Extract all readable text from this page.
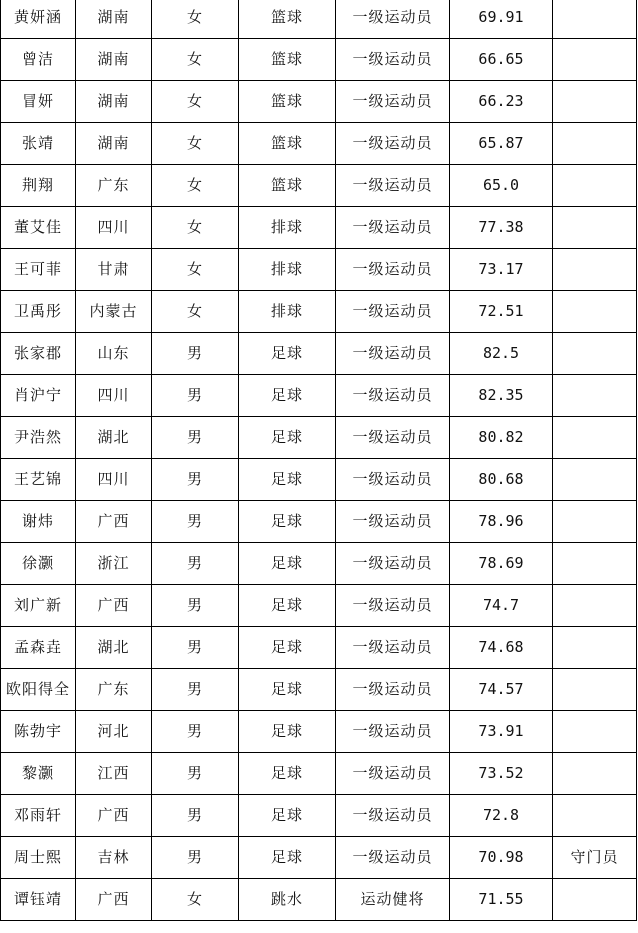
黄妍涵	湖南	女	篮球	一级运动员	69.91	
曾洁	湖南	女	篮球	一级运动员	66.65	
冒妍	湖南	女	篮球	一级运动员	66.23	
张靖	湖南	女	篮球	一级运动员	65.87	
荆翔	广东	女	篮球	一级运动员	65.0	
董艾佳	四川	女	排球	一级运动员	77.38	
王可菲	甘肃	女	排球	一级运动员	73.17	
卫禹彤	内蒙古	女	排球	一级运动员	72.51	
张家郡	山东	男	足球	一级运动员	82.5	
肖沪宁	四川	男	足球	一级运动员	82.35	
尹浩然	湖北	男	足球	一级运动员	80.82	
王艺锦	四川	男	足球	一级运动员	80.68	
谢炜	广西	男	足球	一级运动员	78.96	
徐灏	浙江	男	足球	一级运动员	78.69	
刘广新	广西	男	足球	一级运动员	74.7	
孟森垚	湖北	男	足球	一级运动员	74.68	
欧阳得全	广东	男	足球	一级运动员	74.57	
陈勃宇	河北	男	足球	一级运动员	73.91	
黎灏	江西	男	足球	一级运动员	73.52	
邓雨轩	广西	男	足球	一级运动员	72.8	
周士熙	吉林	男	足球	一级运动员	70.98	守门员
谭钰靖	广西	女	跳水	运动健将	71.55	
